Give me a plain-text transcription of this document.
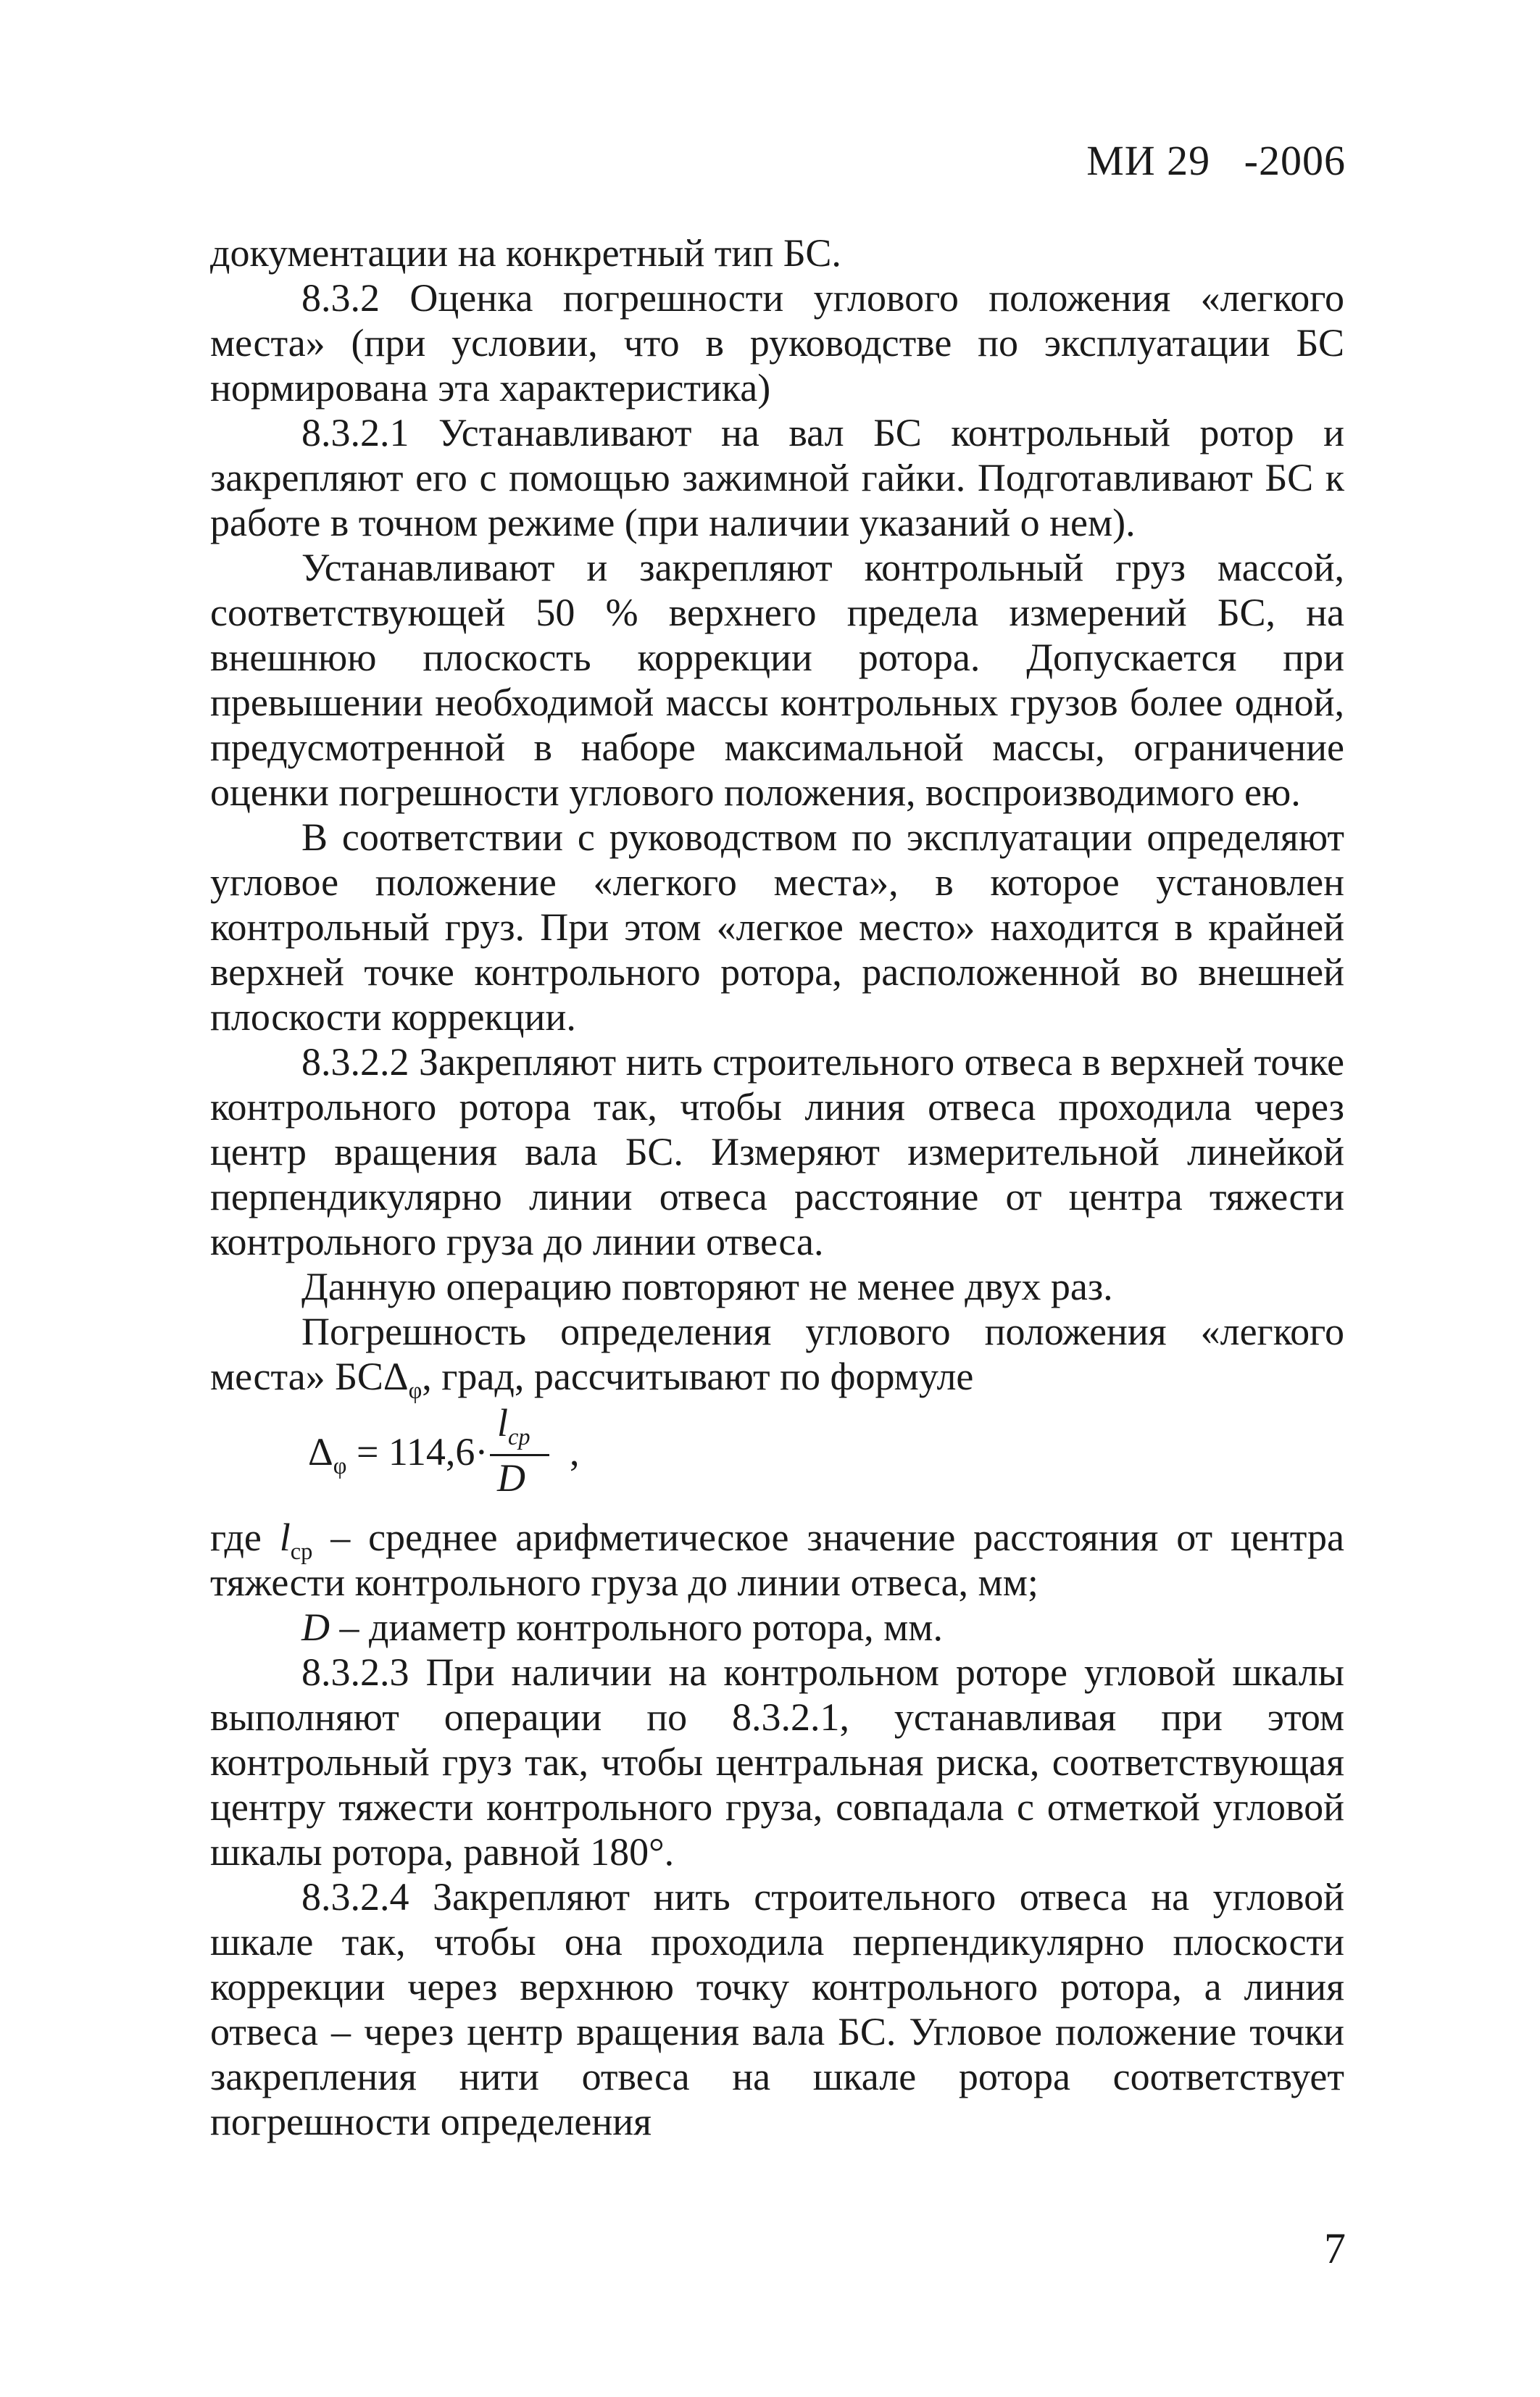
МИ 29   -2006

документации на конкретный тип БС.

8.3.2 Оценка погрешности углового положения «легкого места» (при условии, что в руководстве по эксплуатации БС нормирована эта характеристика)

8.3.2.1 Устанавливают на вал БС контрольный ротор и закрепляют его с помощью зажимной гайки. Подготавливают БС к работе в точном режиме (при наличии указаний о нем).

Устанавливают и закрепляют контрольный груз массой, соответствующей 50 % верхнего предела измерений БС, на внешнюю плоскость коррекции ротора. Допускается при превышении необходимой массы контрольных грузов более одной, предусмотренной в наборе максимальной массы, ограничение оценки погрешности углового положения, воспроизводимого ею.

В соответствии с руководством по эксплуатации определяют угловое положение «легкого места», в которое установлен контрольный груз. При этом «легкое место» находится в крайней верхней точке контрольного ротора, расположенной во внешней плоскости коррекции.

8.3.2.2 Закрепляют нить строительного отвеса в верхней точке контрольного ротора так, чтобы линия отвеса проходила через центр вращения вала БС. Измеряют измерительной линейкой перпендикулярно линии отвеса расстояние от центра тяжести контрольного груза до линии отвеса.

Данную операцию повторяют не менее двух раз.

Погрешность определения углового положения «легкого места» $БС\Delta_\varphi$, град, рассчитывают по формуле

$\Delta_\varphi = 114,6\cdot$
$l_{ср}$
D
,

где $l_{ср}$ – среднее арифметическое значение расстояния от центра тяжести контрольного груза до линии отвеса, мм;

D – диаметр контрольного ротора, мм.

8.3.2.3 При наличии на контрольном роторе угловой шкалы выполняют операции по 8.3.2.1, устанавливая при этом контрольный груз так, чтобы центральная риска, соответствующая центру тяжести контрольного груза, совпадала с отметкой угловой шкалы ротора, равной 180°.

8.3.2.4 Закрепляют нить строительного отвеса на угловой шкале так, чтобы она проходила перпендикулярно плоскости коррекции через верхнюю точку контрольного ротора, а линия отвеса – через центр вращения вала БС. Угловое положение точки закрепления нити отвеса на шкале ротора соответствует погрешности определения

7
